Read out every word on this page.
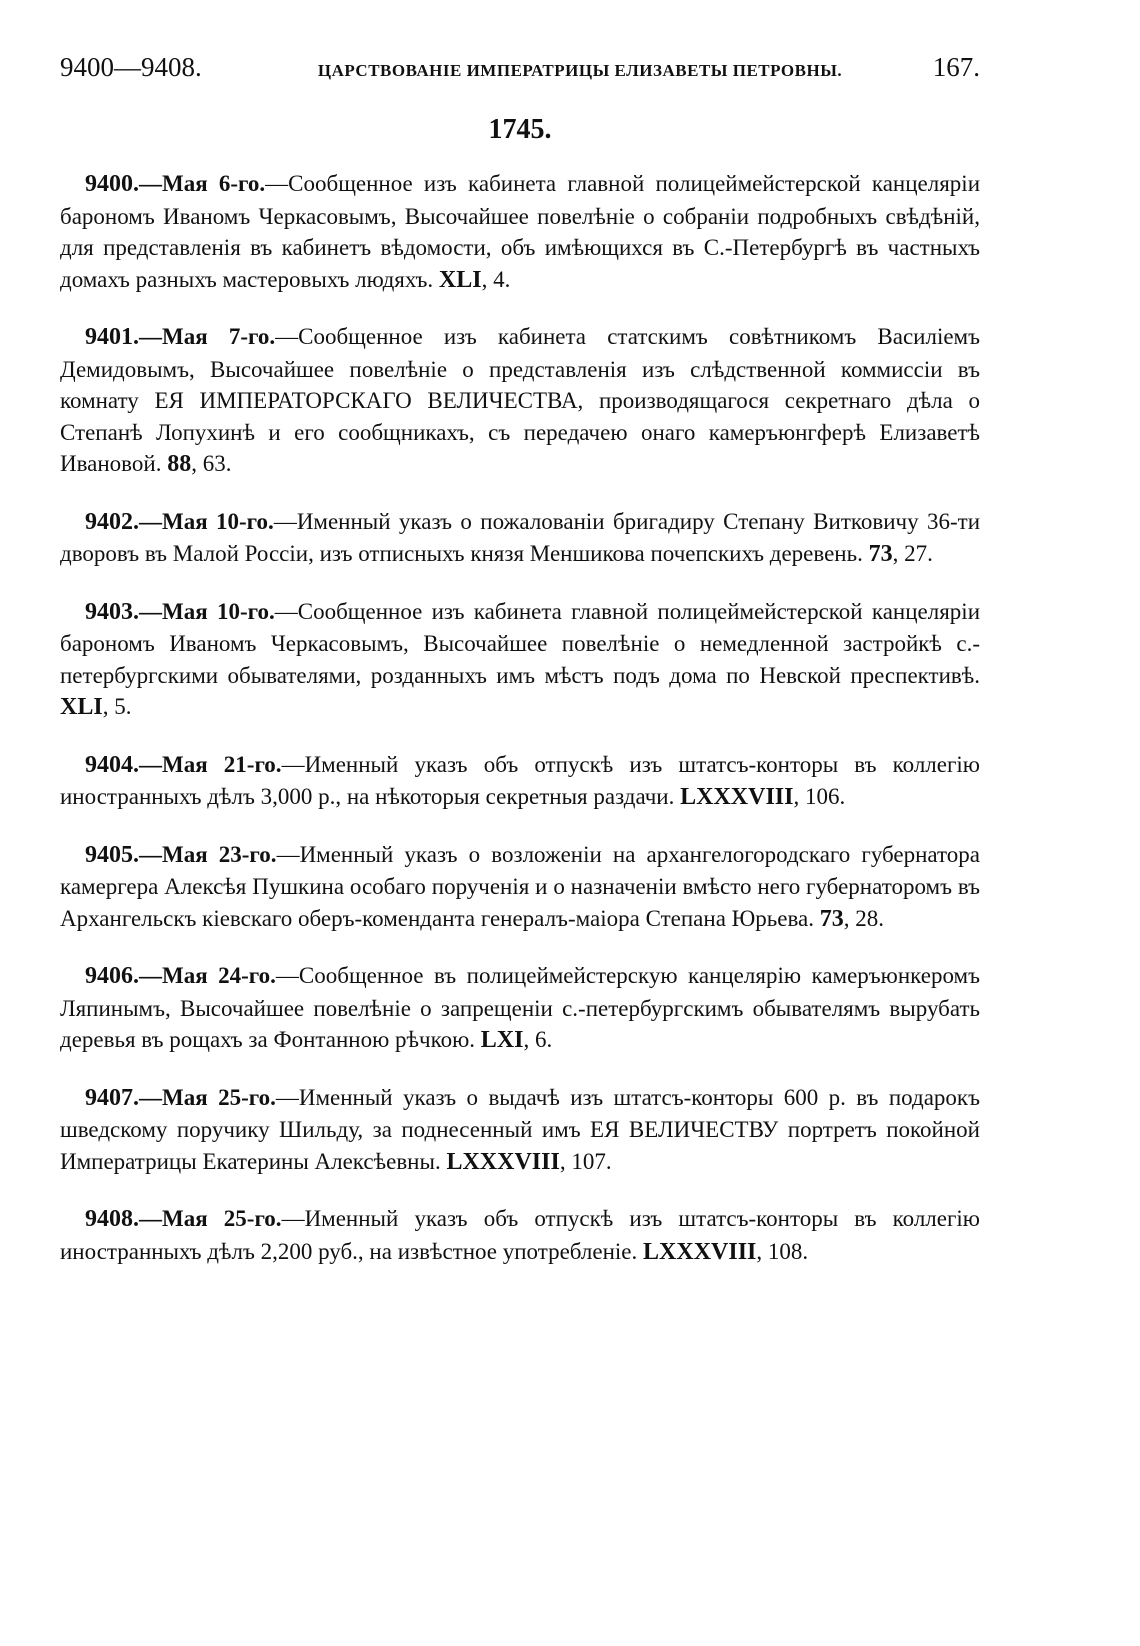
9400—9408.	ЦАРСТВОВАНІЕ ИМПЕРАТРИЦЫ ЕЛИЗАВЕТЫ ПЕТРОВНЫ.	167.
1745.

9400.—Мая 6-го.—Сообщенное изъ кабинета главной полицеймейстерской канцеляріи барономъ Иваномъ Черкасовымъ, Высочайшее повелѣніе о собраніи подробныхъ свѣдѣній, для представленія въ кабинетъ вѣдомости, объ имѣющихся въ С.-Петербургѣ въ частныхъ домахъ разныхъ мастеровыхъ людяхъ. XLI, 4.

9401.—Мая 7-го.—Сообщенное изъ кабинета статскимъ совѣтникомъ Василіемъ Демидовымъ, Высочайшее повелѣніе о представленія изъ слѣдственной коммиссіи въ комнату ЕЯ ИМПЕРАТОРСКАГО ВЕЛИЧЕСТВА, производящагося секретнаго дѣла о Степанѣ Лопухинѣ и его сообщникахъ, съ передачею онаго камеръюнгферѣ Елизаветѣ Ивановой. 88, 63.

9402.—Мая 10-го.—Именный указъ о пожалованіи бригадиру Степану Витковичу 36-ти дворовъ въ Малой Россіи, изъ отписныхъ князя Меншикова почепскихъ деревень. 73, 27.

9403.—Мая 10-го.—Сообщенное изъ кабинета главной полицеймейстерской канцеляріи барономъ Иваномъ Черкасовымъ, Высочайшее повелѣніе о немедленной застройкѣ с.-петербургскими обывателями, розданныхъ имъ мѣстъ подъ дома по Невской преспективѣ. XLI, 5.

9404.—Мая 21-го.—Именный указъ объ отпускѣ изъ штатсъ-конторы въ коллегію иностранныхъ дѣлъ 3,000 р., на нѣкоторыя секретныя раздачи. LXXXVIII, 106.

9405.—Мая 23-го.—Именный указъ о возложеніи на архангелогородскаго губернатора камергера Алексѣя Пушкина особаго порученія и о назначеніи вмѣсто него губернаторомъ въ Архангельскъ кіевскаго оберъ-коменданта генералъ-маіора Степана Юрьева. 73, 28.

9406.—Мая 24-го.—Сообщенное въ полицеймейстерскую канцелярію камеръюнкеромъ Ляпинымъ, Высочайшее повелѣніе о запрещеніи с.-петербургскимъ обывателямъ вырубать деревья въ рощахъ за Фонтанною рѣчкою. LXI, 6.

9407.—Мая 25-го.—Именный указъ о выдачѣ изъ штатсъ-конторы 600 р. въ подарокъ шведскому поручику Шильду, за поднесенный имъ ЕЯ ВЕЛИЧЕСТВУ портретъ покойной Императрицы Екатерины Алексѣевны. LXXXVIII, 107.

9408.—Мая 25-го.—Именный указъ объ отпускѣ изъ штатсъ-конторы въ коллегію иностранныхъ дѣлъ 2,200 руб., на извѣстное употребленіе. LXXXVIII, 108.
